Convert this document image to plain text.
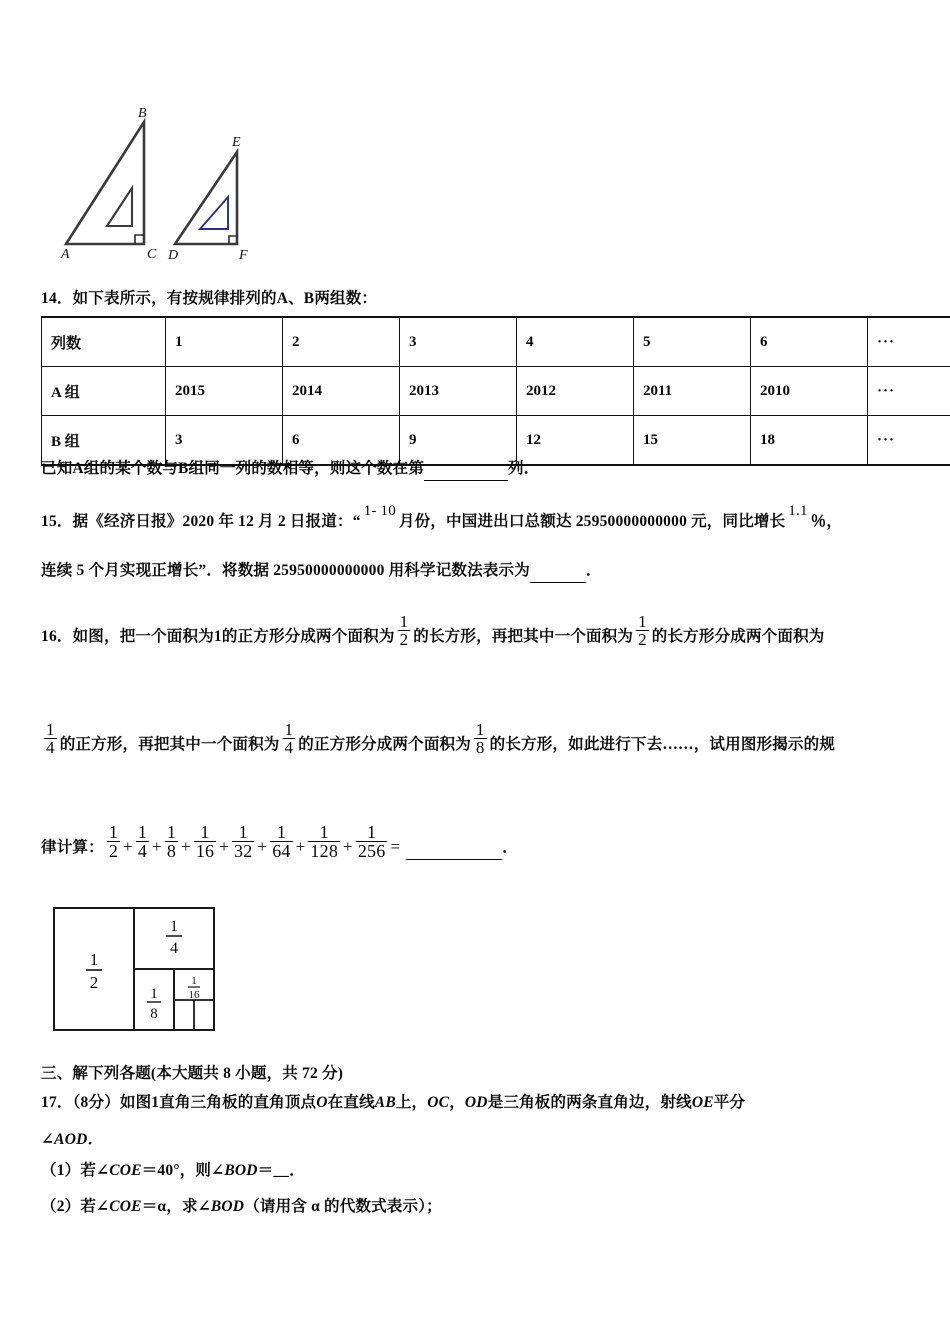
A
B
C D
E
F
14．如下表所示，有按规律排列的A、B两组数：
列数	1	2	3	4	5	6	···
A 组	2015	2014	2013	2012	2011	2010	···
B 组	3	6	9	12	15	18	···
已知A组的某个数与B组同一列的数相等，则这个数在第	列．
15．据《经济日报》2020 年 12 月 2 日报道：“1- 10月份，中国进出口总额达 25950000000000 元，同比增长1.1％，
连续 5 个月实现正增长”．将数据 25950000000000 用科学记数法表示为	．
16．如图，把一个面积为1的正方形分成两个面积为 $\frac{1}{2}$ 的长方形，再把其中一个面积为 $\frac{1}{2}$ 的长方形分成两个面积为
$\frac{1}{4}$ 的正方形，再把其中一个面积为 $\frac{1}{4}$ 的正方形分成两个面积为 $\frac{1}{8}$ 的长方形，如此进行下去……，试用图形揭示的规
律计算： $\frac{1}{2} + \frac{1}{4} + \frac{1}{8} + \frac{1}{16} + \frac{1}{32} + \frac{1}{64} + \frac{1}{128} + \frac{1}{256}$ =	．
1
2
1
4
1
8
1
16
三、解下列各题(本大题共 8 小题，共 72 分)
17．（8分）如图1直角三角板的直角顶点O在直线AB上，OC，OD是三角板的两条直角边，射线OE平分
∠AOD．
（1）若∠COE＝40°，则∠BOD＝__．
（2）若∠COE＝α，求∠BOD（请用含 α 的代数式表示）；
